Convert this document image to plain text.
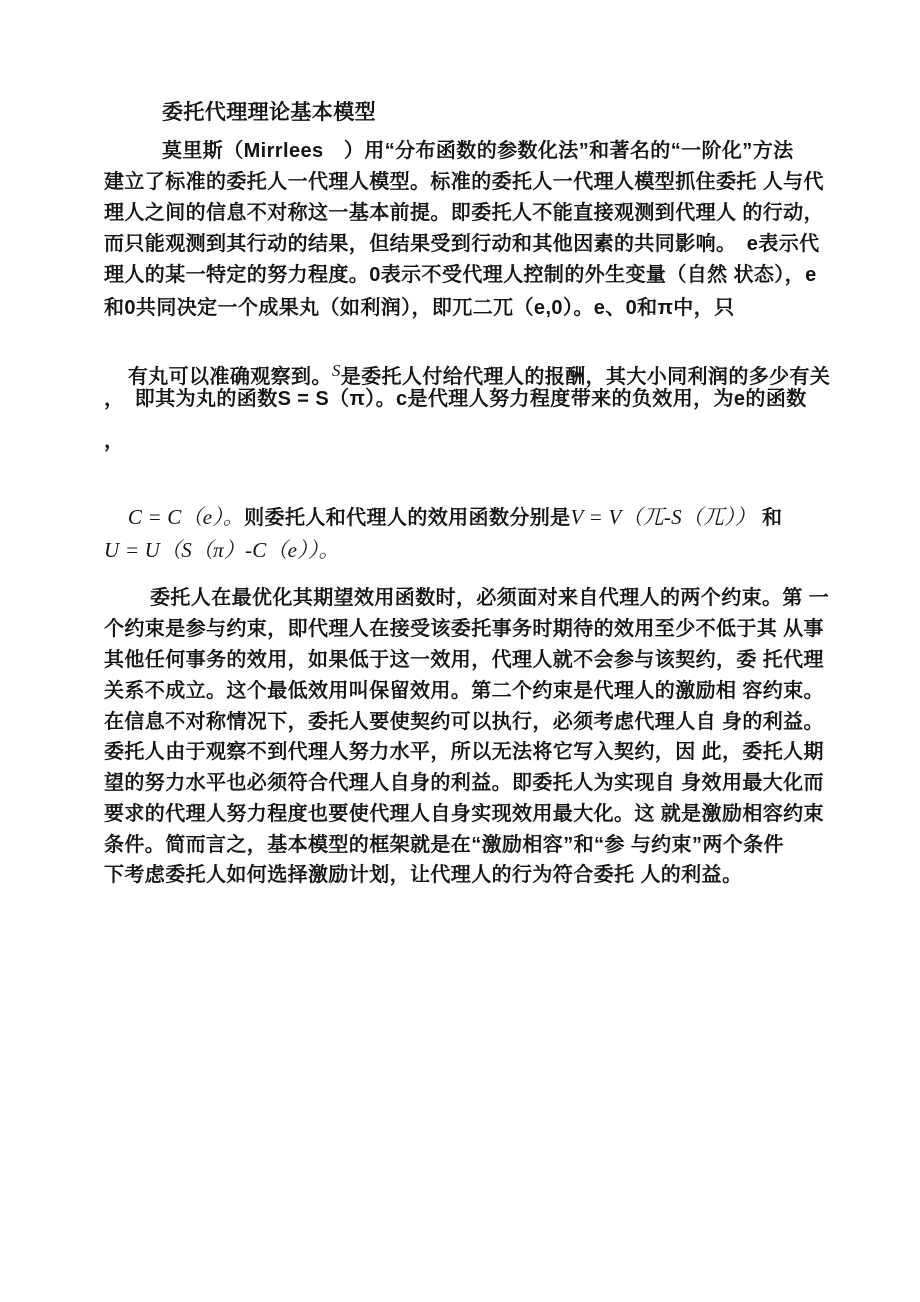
委托代理理论基本模型
莫里斯（Mirrlees　）用“分布函数的参数化法”和著名的“一阶化”方法
建立了标准的委托人一代理人模型。标准的委托人一代理人模型抓住委托 人与代
理人之间的信息不对称这一基本前提。即委托人不能直接观测到代理人 的行动，
而只能观测到其行动的结果，但结果受到行动和其他因素的共同影响。　e表示代
理人的某一特定的努力程度。0表示不受代理人控制的外生变量（自然 状态），e
和0共同决定一个成果丸（如利润），即兀二兀（e,0）。e、0和π中，只

有丸可以准确观察到。$^S$是委托人付给代理人的报酬，其大小同利润的多少有关

，　即其为丸的函数S = S（π）。c是代理人努力程度带来的负效用，为e的函数
，

C = C（e）。则委托人和代理人的效用函数分别是V = V（兀-S（兀）） 和

U = U（S（π）-C（e））。
委托人在最优化其期望效用函数时，必须面对来自代理人的两个约束。第 一
个约束是参与约束，即代理人在接受该委托事务时期待的效用至少不低于其 从事
其他任何事务的效用，如果低于这一效用，代理人就不会参与该契约，委 托代理
关系不成立。这个最低效用叫保留效用。第二个约束是代理人的激励相 容约束。
在信息不对称情况下，委托人要使契约可以执行，必须考虑代理人自 身的利益。
委托人由于观察不到代理人努力水平，所以无法将它写入契约，因 此，委托人期
望的努力水平也必须符合代理人自身的利益。即委托人为实现自 身效用最大化而
要求的代理人努力程度也要使代理人自身实现效用最大化。这 就是激励相容约束
条件。简而言之，基本模型的框架就是在“激励相容”和“参 与约束”两个条件
下考虑委托人如何选择激励计划，让代理人的行为符合委托 人的利益。
